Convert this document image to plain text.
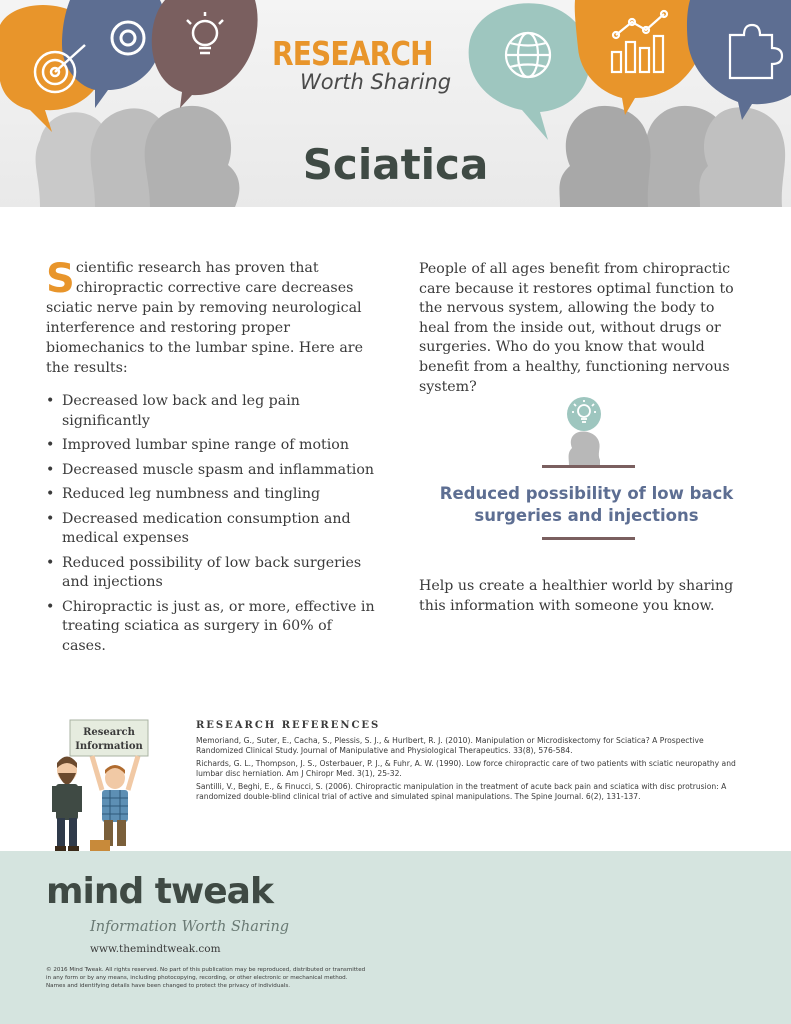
RESEARCH
Worth Sharing
Sciatica

Scientific research has proven that chiropractic corrective care decreases sciatic nerve pain by removing neurological interference and restoring proper biomechanics to the lumbar spine. Here are the results:

• Decreased low back and leg pain significantly
• Improved lumbar spine range of motion
• Decreased muscle spasm and inflammation
• Reduced leg numbness and tingling
• Decreased medication consumption and medical expenses
• Reduced possibility of low back surgeries and injections
• Chiropractic is just as, or more, effective in treating sciatica as surgery in 60% of cases.

People of all ages benefit from chiropractic care because it restores optimal function to the nervous system, allowing the body to heal from the inside out, without drugs or surgeries. Who do you know that would benefit from a healthy, functioning nervous system?

Reduced possibility of low back surgeries and injections

Help us create a healthier world by sharing this information with someone you know.

Research
Information
RESEARCH REFERENCES

Memoriand, G., Suter, E., Cacha, S., Plessis, S. J., & Hurlbert, R. J. (2010). Manipulation or Microdiskectomy for Sciatica? A Prospective Randomized Clinical Study. Journal of Manipulative and Physiological Therapeutics. 33(8), 576-584.

Richards, G. L., Thompson, J. S., Osterbauer, P. J., & Fuhr, A. W. (1990). Low force chiropractic care of two patients with sciatic neuropathy and lumbar disc herniation. Am J Chiropr Med. 3(1), 25-32.

Santilli, V., Beghi, E., & Finucci, S. (2006). Chiropractic manipulation in the treatment of acute back pain and sciatica with disc protrusion: A randomized double-blind clinical trial of active and simulated spinal manipulations. The Spine Journal. 6(2), 131-137.

mind tweak
Information Worth Sharing
www.themindtweak.com
© 2016 Mind Tweak. All rights reserved. No part of this publication may be reproduced, distributed or transmitted in any form or by any means, including photocopying, recording, or other electronic or mechanical method. Names and identifying details have been changed to protect the privacy of individuals.
